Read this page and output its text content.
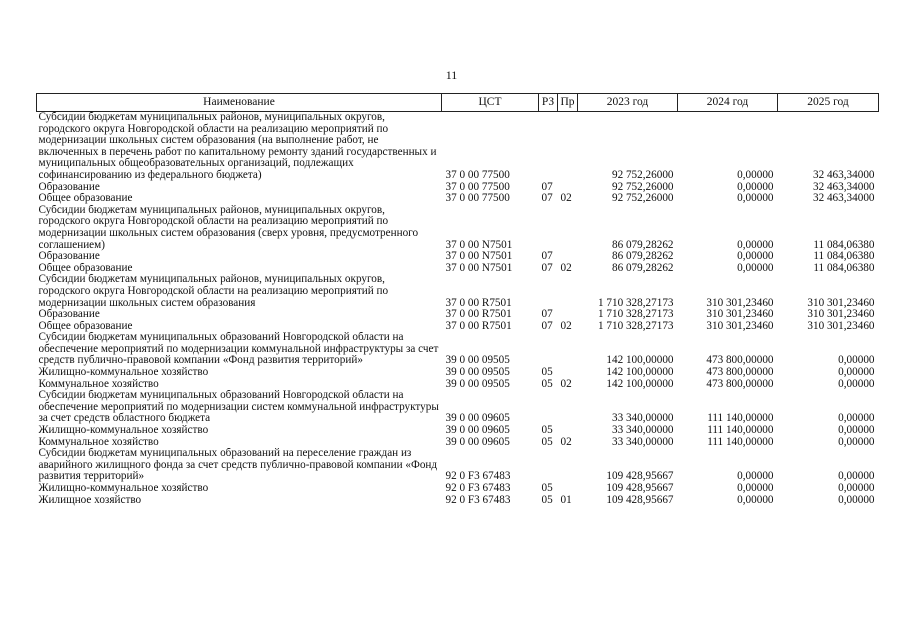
11
Наименование	ЦСТ	РЗ	Пр	2023 год	2024 год	2025 год
Субсидии бюджетам муниципальных районов, муниципальных округов, городского округа Новгородской области на реализацию мероприятий по модернизации школьных систем образования (на выполнение работ, не включенных в перечень работ по капитальному ремонту зданий государственных и муниципальных общеобразовательных организаций, подлежащих софинансированию из федерального бюджета)	37 0 00 77500			92 752,26000	0,00000	32 463,34000
Образование	37 0 00 77500	07		92 752,26000	0,00000	32 463,34000
Общее образование	37 0 00 77500	07	02	92 752,26000	0,00000	32 463,34000
Субсидии бюджетам муниципальных районов, муниципальных округов, городского округа Новгородской области на реализацию мероприятий по модернизации школьных систем образования (сверх уровня, предусмотренного соглашением)	37 0 00 N7501			86 079,28262	0,00000	11 084,06380
Образование	37 0 00 N7501	07		86 079,28262	0,00000	11 084,06380
Общее образование	37 0 00 N7501	07	02	86 079,28262	0,00000	11 084,06380
Субсидии бюджетам муниципальных районов, муниципальных округов, городского округа Новгородской области на реализацию мероприятий по модернизации школьных систем образования	37 0 00 R7501			1 710 328,27173	310 301,23460	310 301,23460
Образование	37 0 00 R7501	07		1 710 328,27173	310 301,23460	310 301,23460
Общее образование	37 0 00 R7501	07	02	1 710 328,27173	310 301,23460	310 301,23460
Субсидии бюджетам муниципальных образований Новгородской области на обеспечение мероприятий по модернизации коммунальной инфраструктуры за счет средств публично-правовой компании «Фонд развития территорий»	39 0 00 09505			142 100,00000	473 800,00000	0,00000
Жилищно-коммунальное хозяйство	39 0 00 09505	05		142 100,00000	473 800,00000	0,00000
Коммунальное хозяйство	39 0 00 09505	05	02	142 100,00000	473 800,00000	0,00000
Субсидии бюджетам муниципальных образований Новгородской области на обеспечение мероприятий по модернизации систем коммунальной инфраструктуры за счет средств областного бюджета	39 0 00 09605			33 340,00000	111 140,00000	0,00000
Жилищно-коммунальное хозяйство	39 0 00 09605	05		33 340,00000	111 140,00000	0,00000
Коммунальное хозяйство	39 0 00 09605	05	02	33 340,00000	111 140,00000	0,00000
Субсидии бюджетам муниципальных образований на переселение граждан из аварийного жилищного фонда за счет средств публично-правовой компании «Фонд развития территорий»	92 0 F3 67483			109 428,95667	0,00000	0,00000
Жилищно-коммунальное хозяйство	92 0 F3 67483	05		109 428,95667	0,00000	0,00000
Жилищное хозяйство	92 0 F3 67483	05	01	109 428,95667	0,00000	0,00000
